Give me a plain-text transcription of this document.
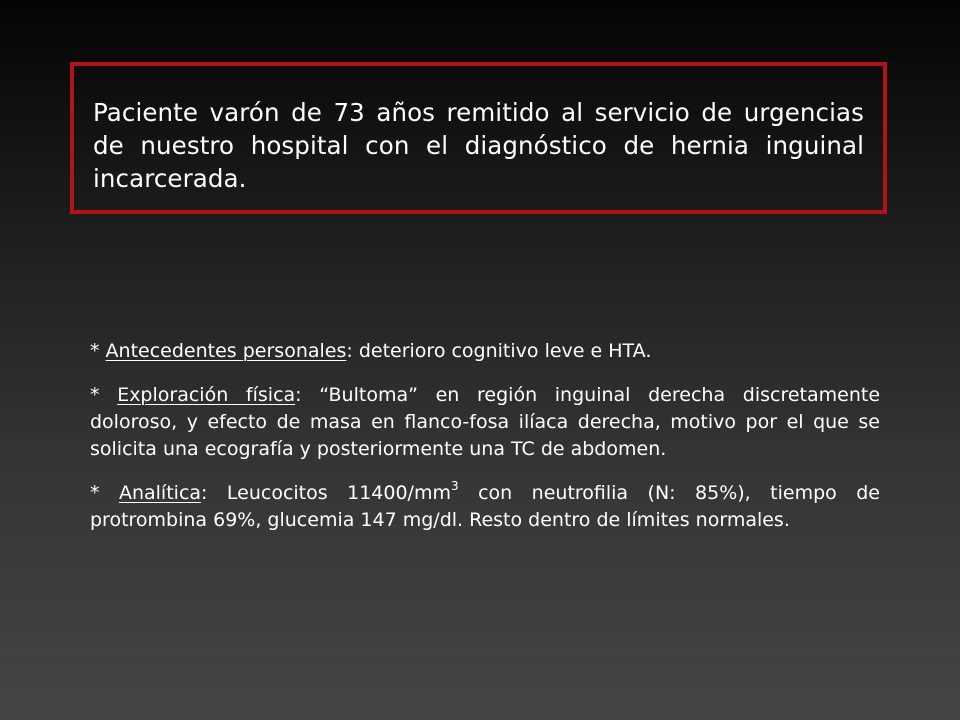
Paciente varón de 73 años remitido al servicio de urgencias de nuestro hospital con el diagnóstico de hernia inguinal incarcerada.

* Antecedentes personales: deterioro cognitivo leve e HTA.

* Exploración física: “Bultoma” en región inguinal derecha discretamente doloroso, y efecto de masa en flanco-fosa ilíaca derecha, motivo por el que se solicita una ecografía y posteriormente una TC de abdomen.

* Analítica: Leucocitos $11400/mm^3$ con neutrofilia (N: 85%), tiempo de protrombina 69%, glucemia 147 mg/dl. Resto dentro de límites normales.
